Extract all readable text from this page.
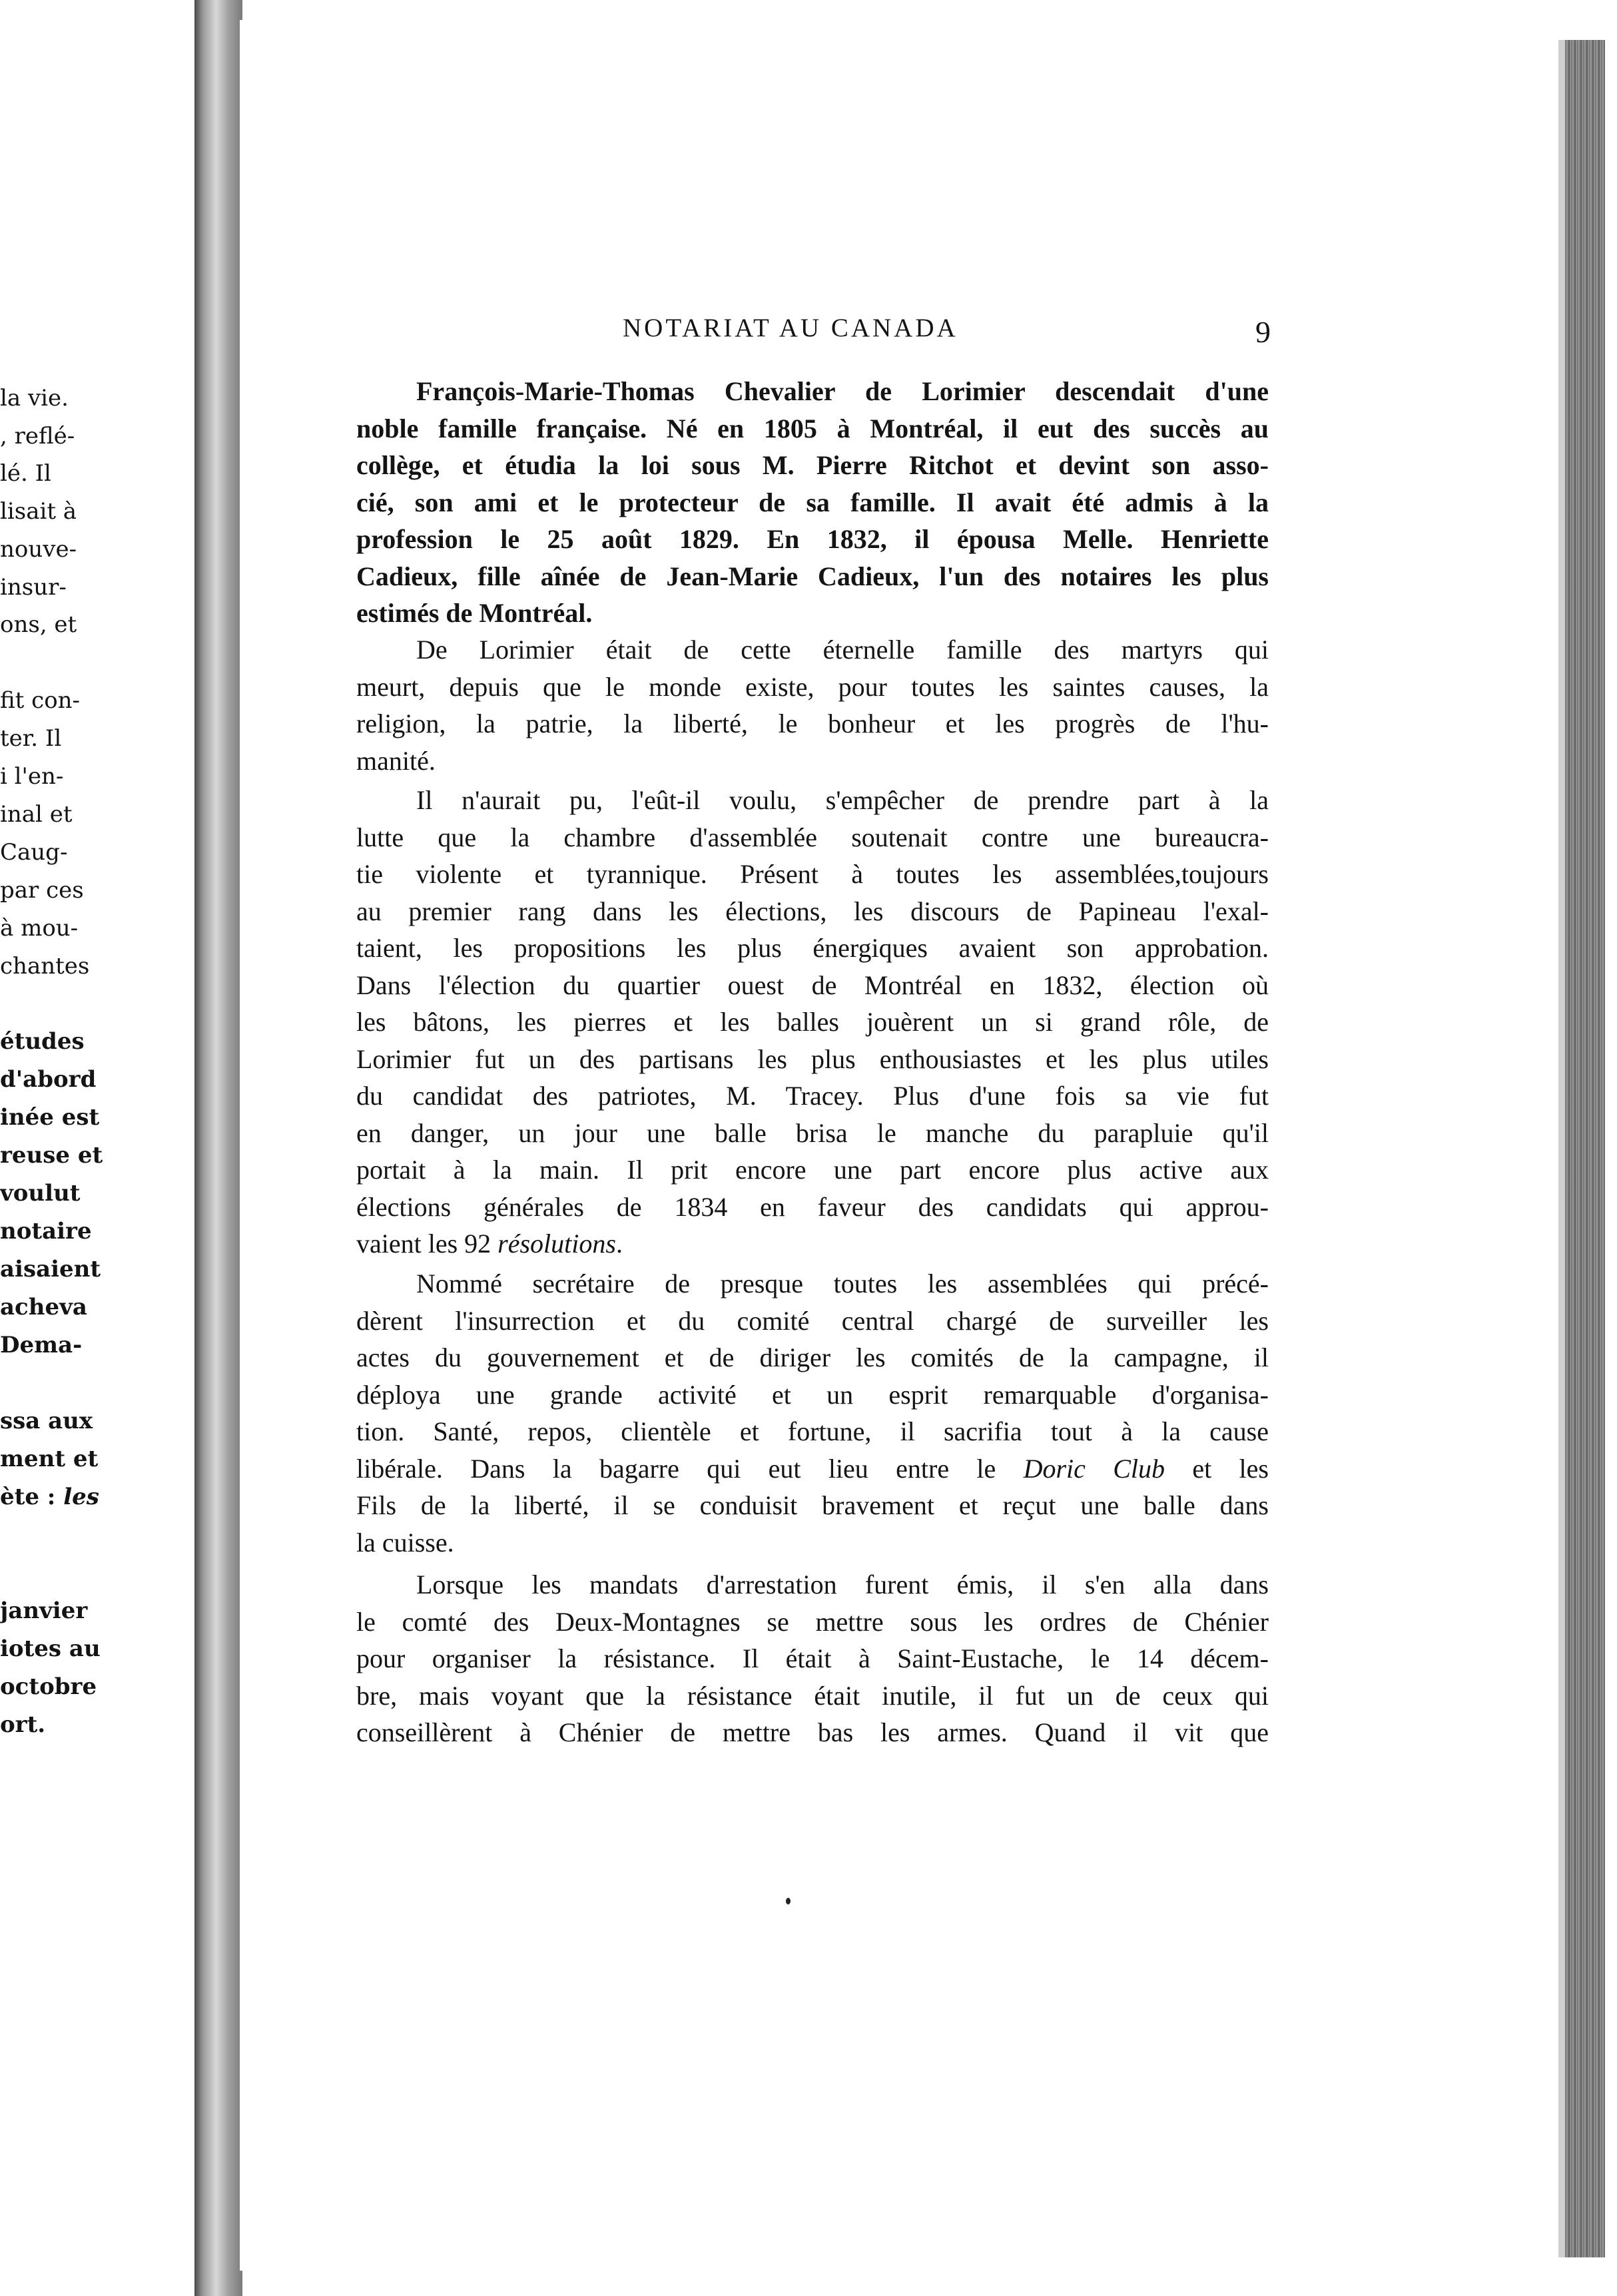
la vie.
, reflé-
lé. Il
lisait à
nouve-
insur-
ons, et
fit con-
ter. Il
i l'en-
inal et
Caug-
par ces
à mou-
chantes
études
d'abord
inée est
reuse et
voulut
notaire
aisaient
acheva
Dema-
ssa aux
ment et
ète : les
janvier
iotes au
octobre
ort.
NOTARIAT AU CANADA	9
François-Marie-Thomas Chevalier de Lorimier descendait d'une
noble famille française. Né en 1805 à Montréal, il eut des succès au
collège, et étudia la loi sous M. Pierre Ritchot et devint son asso-
cié, son ami et le protecteur de sa famille. Il avait été admis à la
profession le 25 août 1829. En 1832, il épousa Melle. Henriette
Cadieux, fille aînée de Jean-Marie Cadieux, l'un des notaires les plus
estimés de Montréal.
De Lorimier était de cette éternelle famille des martyrs qui
meurt, depuis que le monde existe, pour toutes les saintes causes, la
religion, la patrie, la liberté, le bonheur et les progrès de l'hu-
manité.
Il n'aurait pu, l'eût-il voulu, s'empêcher de prendre part à la
lutte que la chambre d'assemblée soutenait contre une bureaucra-
tie violente et tyrannique. Présent à toutes les assemblées,toujours
au premier rang dans les élections, les discours de Papineau l'exal-
taient, les propositions les plus énergiques avaient son approbation.
Dans l'élection du quartier ouest de Montréal en 1832, élection où
les bâtons, les pierres et les balles jouèrent un si grand rôle, de
Lorimier fut un des partisans les plus enthousiastes et les plus utiles
du candidat des patriotes, M. Tracey. Plus d'une fois sa vie fut
en danger, un jour une balle brisa le manche du parapluie qu'il
portait à la main. Il prit encore une part encore plus active aux
élections générales de 1834 en faveur des candidats qui approu-
vaient les 92 résolutions.
Nommé secrétaire de presque toutes les assemblées qui précé-
dèrent l'insurrection et du comité central chargé de surveiller les
actes du gouvernement et de diriger les comités de la campagne, il
déploya une grande activité et un esprit remarquable d'organisa-
tion. Santé, repos, clientèle et fortune, il sacrifia tout à la cause
libérale. Dans la bagarre qui eut lieu entre le Doric Club et les
Fils de la liberté, il se conduisit bravement et reçut une balle dans
la cuisse.
Lorsque les mandats d'arrestation furent émis, il s'en alla dans
le comté des Deux-Montagnes se mettre sous les ordres de Chénier
pour organiser la résistance. Il était à Saint-Eustache, le 14 décem-
bre, mais voyant que la résistance était inutile, il fut un de ceux qui
conseillèrent à Chénier de mettre bas les armes. Quand il vit que
